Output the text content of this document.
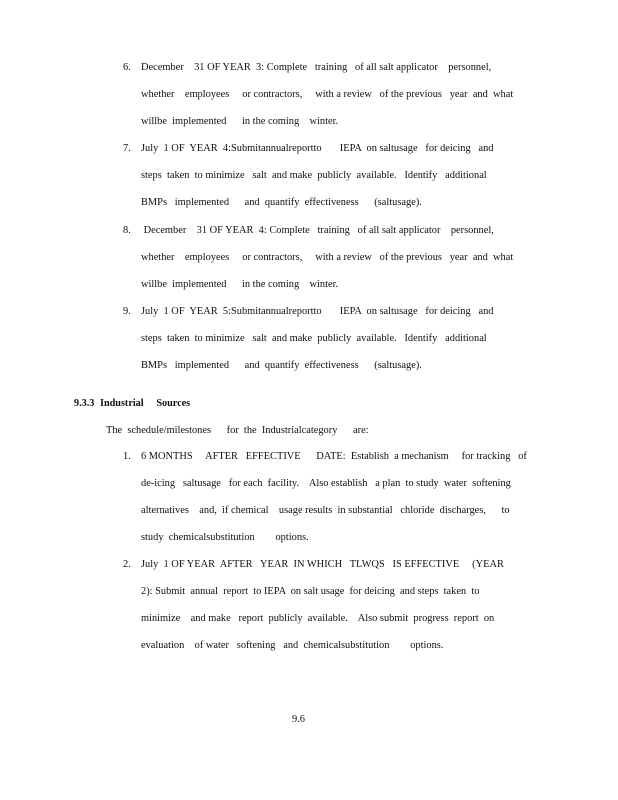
6. December    31 OF YEAR  3: Complete   training   of all salt applicator    personnel,
whether    employees     or contractors,     with a review   of the previous   year  and  what
willbe  implemented      in the coming    winter.
7. July  1 OF  YEAR  4:Submitannualreportto       IEPA  on saltusage   for deicing   and
steps  taken  to minimize   salt  and make  publicly  available.   Identify   additional
BMPs   implemented      and  quantify  effectiveness      (saltusage).
8. December    31 OF YEAR  4: Complete   training   of all salt applicator    personnel,
whether    employees     or contractors,     with a review   of the previous   year  and  what
willbe  implemented      in the coming    winter.
9. July  1 OF  YEAR  5:Submitannualreportto       IEPA  on saltusage   for deicing   and
steps  taken  to minimize   salt  and make  publicly  available.   Identify   additional
BMPs   implemented      and  quantify  effectiveness      (saltusage).
9.3.3 Industrial     Sources
The  schedule/milestones      for  the  Industrialcategory      are:
1. 6 MONTHS     AFTER   EFFECTIVE      DATE:  Establish  a mechanism     for tracking   of
de-icing   saltusage   for each  facility.    Also establish   a plan  to study  water  softening
alternatives    and,  if chemical    usage results  in substantial   chloride  discharges,      to
study  chemicalsubstitution        options.
2. July  1 OF YEAR  AFTER   YEAR  IN WHICH   TLWQS   IS EFFECTIVE     (YEAR
2): Submit  annual  report  to IEPA  on salt usage  for deicing  and steps  taken  to
minimize    and make   report  publicly  available.    Also submit  progress  report  on
evaluation    of water   softening   and  chemicalsubstitution        options.
9.6
